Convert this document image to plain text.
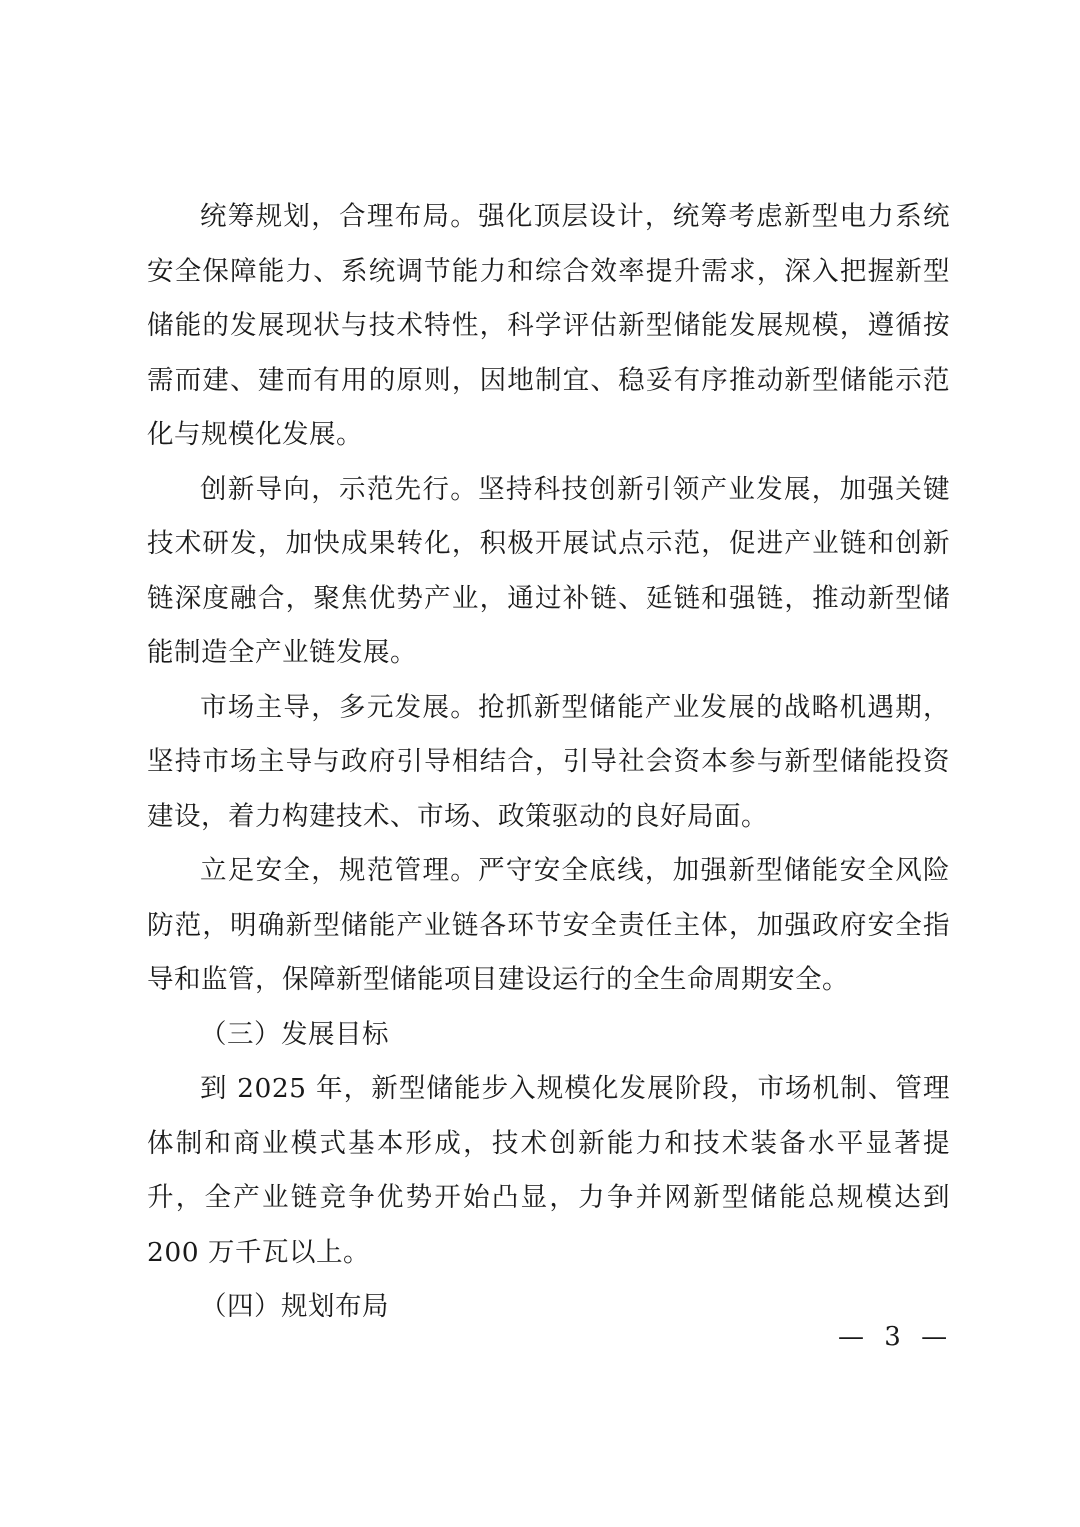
统筹规划，合理布局。强化顶层设计，统筹考虑新型电力系统安全保障能力、系统调节能力和综合效率提升需求，深入把握新型储能的发展现状与技术特性，科学评估新型储能发展规模，遵循按需而建、建而有用的原则，因地制宜、稳妥有序推动新型储能示范化与规模化发展。

创新导向，示范先行。坚持科技创新引领产业发展，加强关键技术研发，加快成果转化，积极开展试点示范，促进产业链和创新链深度融合，聚焦优势产业，通过补链、延链和强链，推动新型储能制造全产业链发展。

市场主导，多元发展。抢抓新型储能产业发展的战略机遇期，坚持市场主导与政府引导相结合，引导社会资本参与新型储能投资建设，着力构建技术、市场、政策驱动的良好局面。

立足安全，规范管理。严守安全底线，加强新型储能安全风险防范，明确新型储能产业链各环节安全责任主体，加强政府安全指导和监管，保障新型储能项目建设运行的全生命周期安全。

（三）发展目标

到 2025 年，新型储能步入规模化发展阶段，市场机制、管理体制和商业模式基本形成，技术创新能力和技术装备水平显著提升，全产业链竞争优势开始凸显，力争并网新型储能总规模达到 200 万千瓦以上。

（四）规划布局

— 3 —
